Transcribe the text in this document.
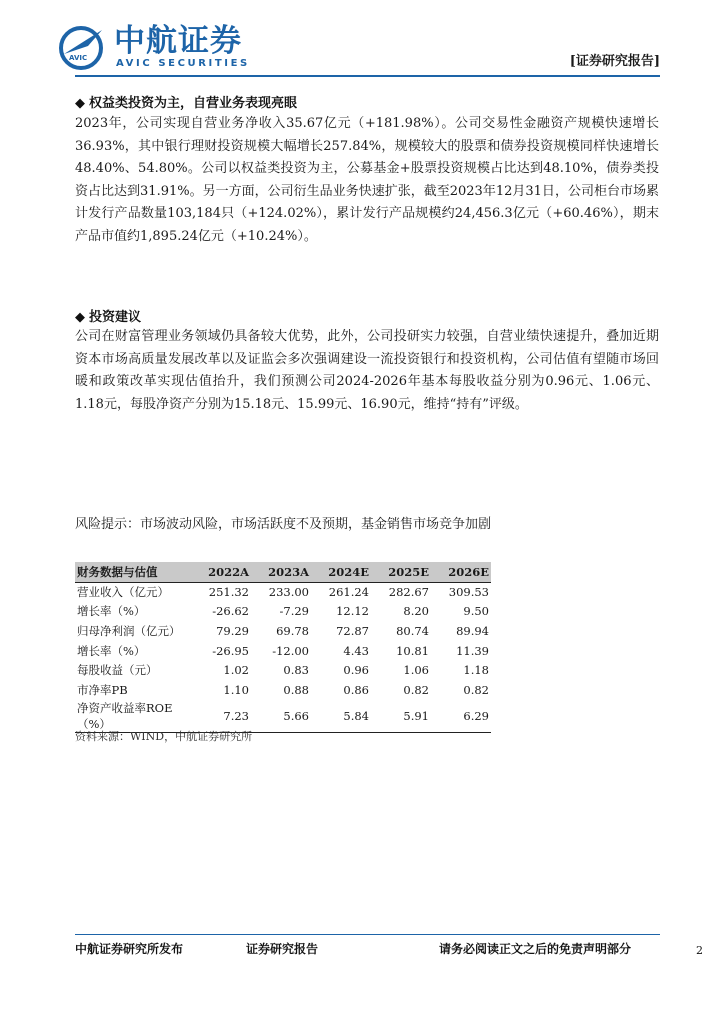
AVIC 中航证券
AVIC SECURITIES	[证券研究报告]
◆ 权益类投资为主，自营业务表现亮眼
2023年，公司实现自营业务净收入35.67亿元（+181.98%）。公司交易性金融资产规模快速增长36.93%，其中银行理财投资规模大幅增长257.84%，规模较大的股票和债券投资规模同样快速增长48.40%、54.80%。公司以权益类投资为主，公募基金+股票投资规模占比达到48.10%，债券类投资占比达到31.91%。另一方面，公司衍生品业务快速扩张，截至2023年12月31日，公司柜台市场累计发行产品数量103,184只（+124.02%），累计发行产品规模约24,456.3亿元（+60.46%），期末产品市值约1,895.24亿元（+10.24%）。
◆ 投资建议
公司在财富管理业务领域仍具备较大优势，此外，公司投研实力较强，自营业绩快速提升，叠加近期资本市场高质量发展改革以及证监会多次强调建设一流投资银行和投资机构，公司估值有望随市场回暖和政策改革实现估值抬升，我们预测公司2024-2026年基本每股收益分别为0.96元、1.06元、1.18元，每股净资产分别为15.18元、15.99元、16.90元，维持“持有”评级。
风险提示：市场波动风险，市场活跃度不及预期，基金销售市场竞争加剧
财务数据与估值	2022A	2023A	2024E	2025E	2026E
营业收入（亿元）	251.32	233.00	261.24	282.67	309.53
增长率（%）	-26.62	-7.29	12.12	8.20	9.50
归母净利润（亿元）	79.29	69.78	72.87	80.74	89.94
增长率（%）	-26.95	-12.00	4.43	10.81	11.39
每股收益（元）	1.02	0.83	0.96	1.06	1.18
市净率PB	1.10	0.88	0.86	0.82	0.82
净资产收益率ROE（%）	7.23	5.66	5.84	5.91	6.29
资料来源：WIND，中航证券研究所
中航证券研究所发布	证券研究报告	请务必阅读正文之后的免责声明部分	2
